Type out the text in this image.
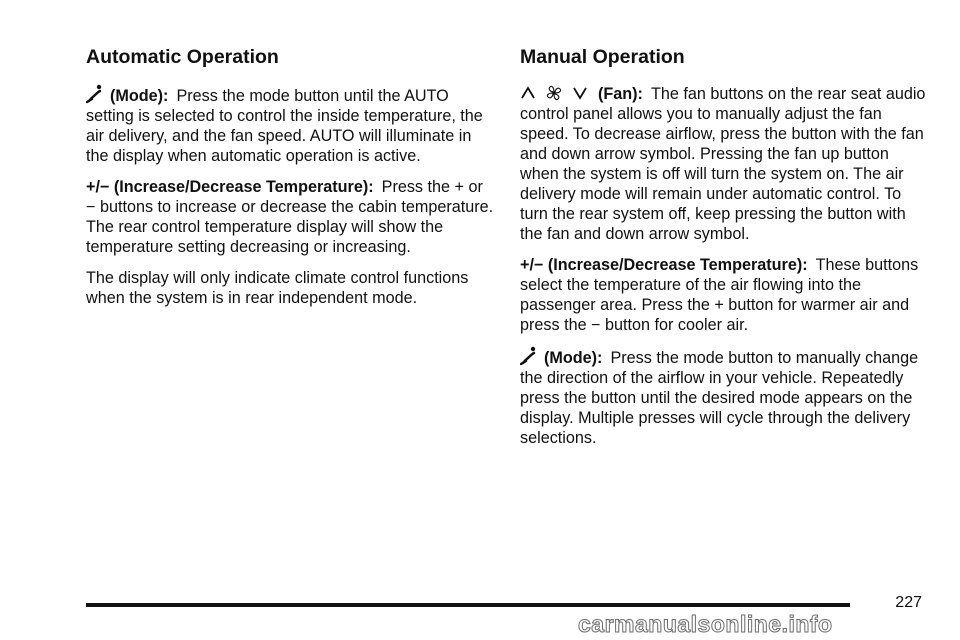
Automatic Operation

(Mode): Press the mode button until the AUTO setting is selected to control the inside temperature, the air delivery, and the fan speed. AUTO will illuminate in the display when automatic operation is active.

+/− (Increase/Decrease Temperature): Press the + or − buttons to increase or decrease the cabin temperature. The rear control temperature display will show the temperature setting decreasing or increasing.

The display will only indicate climate control functions when the system is in rear independent mode.

Manual Operation

(Fan): The fan buttons on the rear seat audio control panel allows you to manually adjust the fan speed. To decrease airflow, press the button with the fan and down arrow symbol. Pressing the fan up button when the system is off will turn the system on. The air delivery mode will remain under automatic control. To turn the rear system off, keep pressing the button with the fan and down arrow symbol.

+/− (Increase/Decrease Temperature): These buttons select the temperature of the air flowing into the passenger area. Press the + button for warmer air and press the − button for cooler air.

(Mode): Press the mode button to manually change the direction of the airflow in your vehicle. Repeatedly press the button until the desired mode appears on the display. Multiple presses will cycle through the delivery selections.

227
carmanualsonline.info
